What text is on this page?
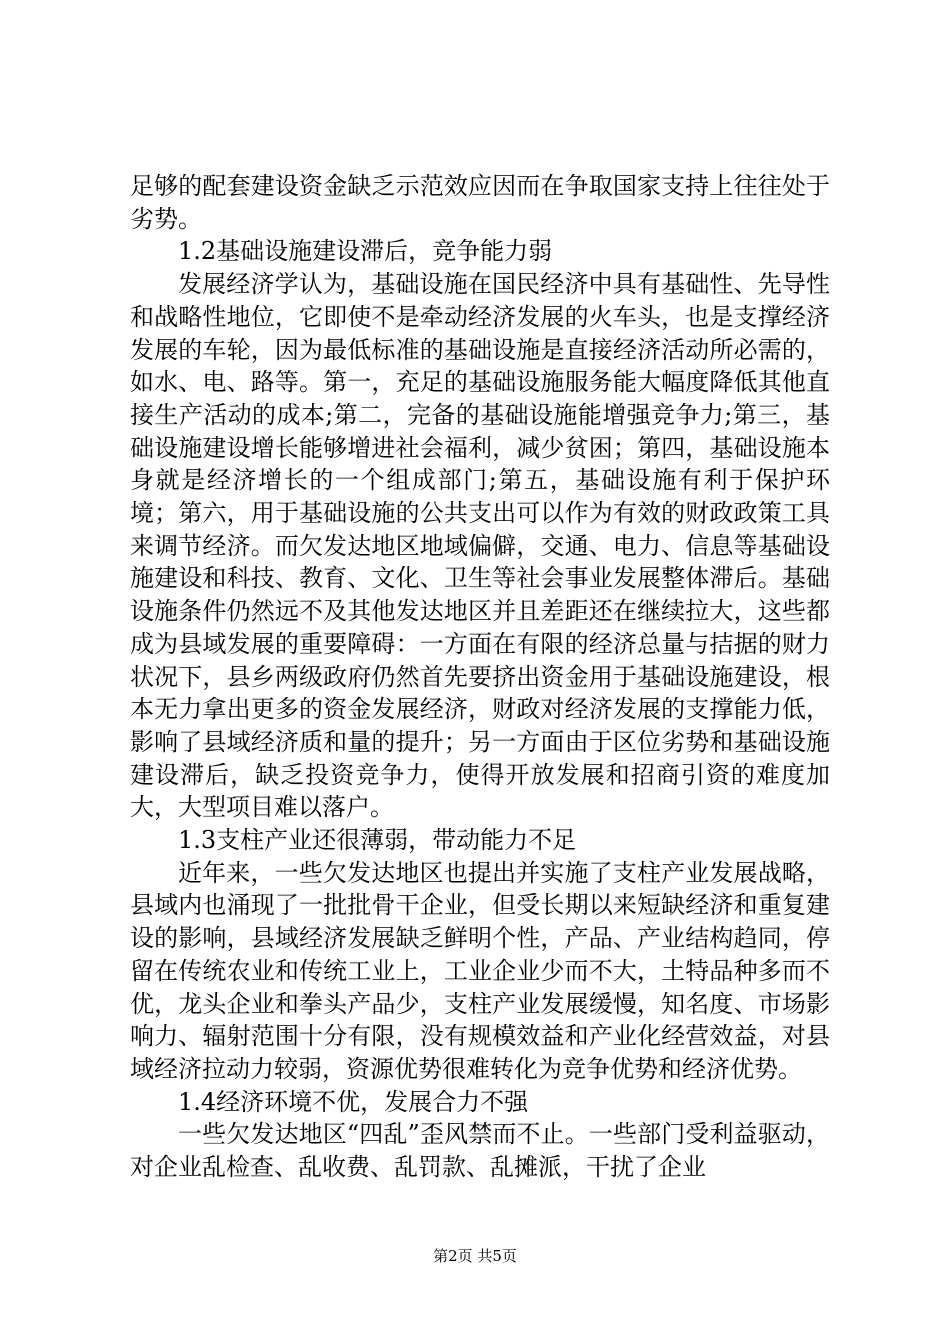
足够的配套建设资金缺乏示范效应因而在争取国家支持上往往处于劣势。

1.2基础设施建设滞后，竞争能力弱

发展经济学认为，基础设施在国民经济中具有基础性、先导性和战略性地位，它即使不是牵动经济发展的火车头，也是支撑经济发展的车轮，因为最低标准的基础设施是直接经济活动所必需的，如水、电、路等。第一，充足的基础设施服务能大幅度降低其他直接生产活动的成本;第二，完备的基础设施能增强竞争力;第三，基础设施建设增长能够增进社会福利，减少贫困；第四，基础设施本身就是经济增长的一个组成部门;第五，基础设施有利于保护环境；第六，用于基础设施的公共支出可以作为有效的财政政策工具来调节经济。而欠发达地区地域偏僻，交通、电力、信息等基础设施建设和科技、教育、文化、卫生等社会事业发展整体滞后。基础设施条件仍然远不及其他发达地区并且差距还在继续拉大，这些都成为县域发展的重要障碍：一方面在有限的经济总量与拮据的财力状况下，县乡两级政府仍然首先要挤出资金用于基础设施建设，根本无力拿出更多的资金发展经济，财政对经济发展的支撑能力低，影响了县域经济质和量的提升；另一方面由于区位劣势和基础设施建设滞后，缺乏投资竞争力，使得开放发展和招商引资的难度加大，大型项目难以落户。

1.3支柱产业还很薄弱，带动能力不足

近年来，一些欠发达地区也提出并实施了支柱产业发展战略，县域内也涌现了一批批骨干企业，但受长期以来短缺经济和重复建设的影响，县域经济发展缺乏鲜明个性，产品、产业结构趋同，停留在传统农业和传统工业上，工业企业少而不大，土特品种多而不优，龙头企业和拳头产品少，支柱产业发展缓慢，知名度、市场影响力、辐射范围十分有限，没有规模效益和产业化经营效益，对县域经济拉动力较弱，资源优势很难转化为竞争优势和经济优势。

1.4经济环境不优，发展合力不强

一些欠发达地区“四乱”歪风禁而不止。一些部门受利益驱动，对企业乱检查、乱收费、乱罚款、乱摊派，干扰了企业

第2页 共5页
